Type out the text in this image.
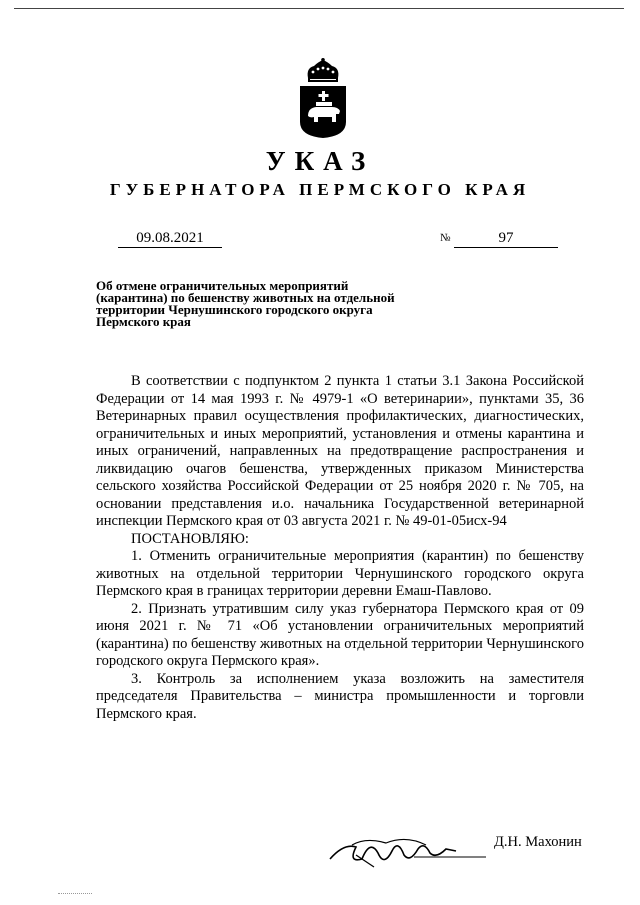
УКАЗ
ГУБЕРНАТОРА ПЕРМСКОГО КРАЯ
09.08.2021	№	97
Об отмене ограничительных мероприятий (карантина) по бешенству животных на отдельной территории Чернушинского городского округа Пермского края

В соответствии с подпунктом 2 пункта 1 статьи 3.1 Закона Российской Федерации от 14 мая 1993 г. № 4979-1 «О ветеринарии», пунктами 35, 36 Ветеринарных правил осуществления профилактических, диагностических, ограничительных и иных мероприятий, установления и отмены карантина и иных ограничений, направленных на предотвращение распространения и ликвидацию очагов бешенства, утвержденных приказом Министерства сельского хозяйства Российской Федерации от 25 ноября 2020 г. № 705, на основании представления и.о. начальника Государственной ветеринарной инспекции Пермского края от 03 августа 2021 г. № 49-01-05исх-94

ПОСТАНОВЛЯЮ:

1. Отменить ограничительные мероприятия (карантин) по бешенству животных на отдельной территории Чернушинского городского округа Пермского края в границах территории деревни Емаш-Павлово.

2. Признать утратившим силу указ губернатора Пермского края от 09 июня 2021 г. № 71 «Об установлении ограничительных мероприятий (карантина) по бешенству животных на отдельной территории Чернушинского городского округа Пермского края».

3. Контроль за исполнением указа возложить на заместителя председателя Правительства – министра промышленности и торговли Пермского края.

Д.Н. Махонин
